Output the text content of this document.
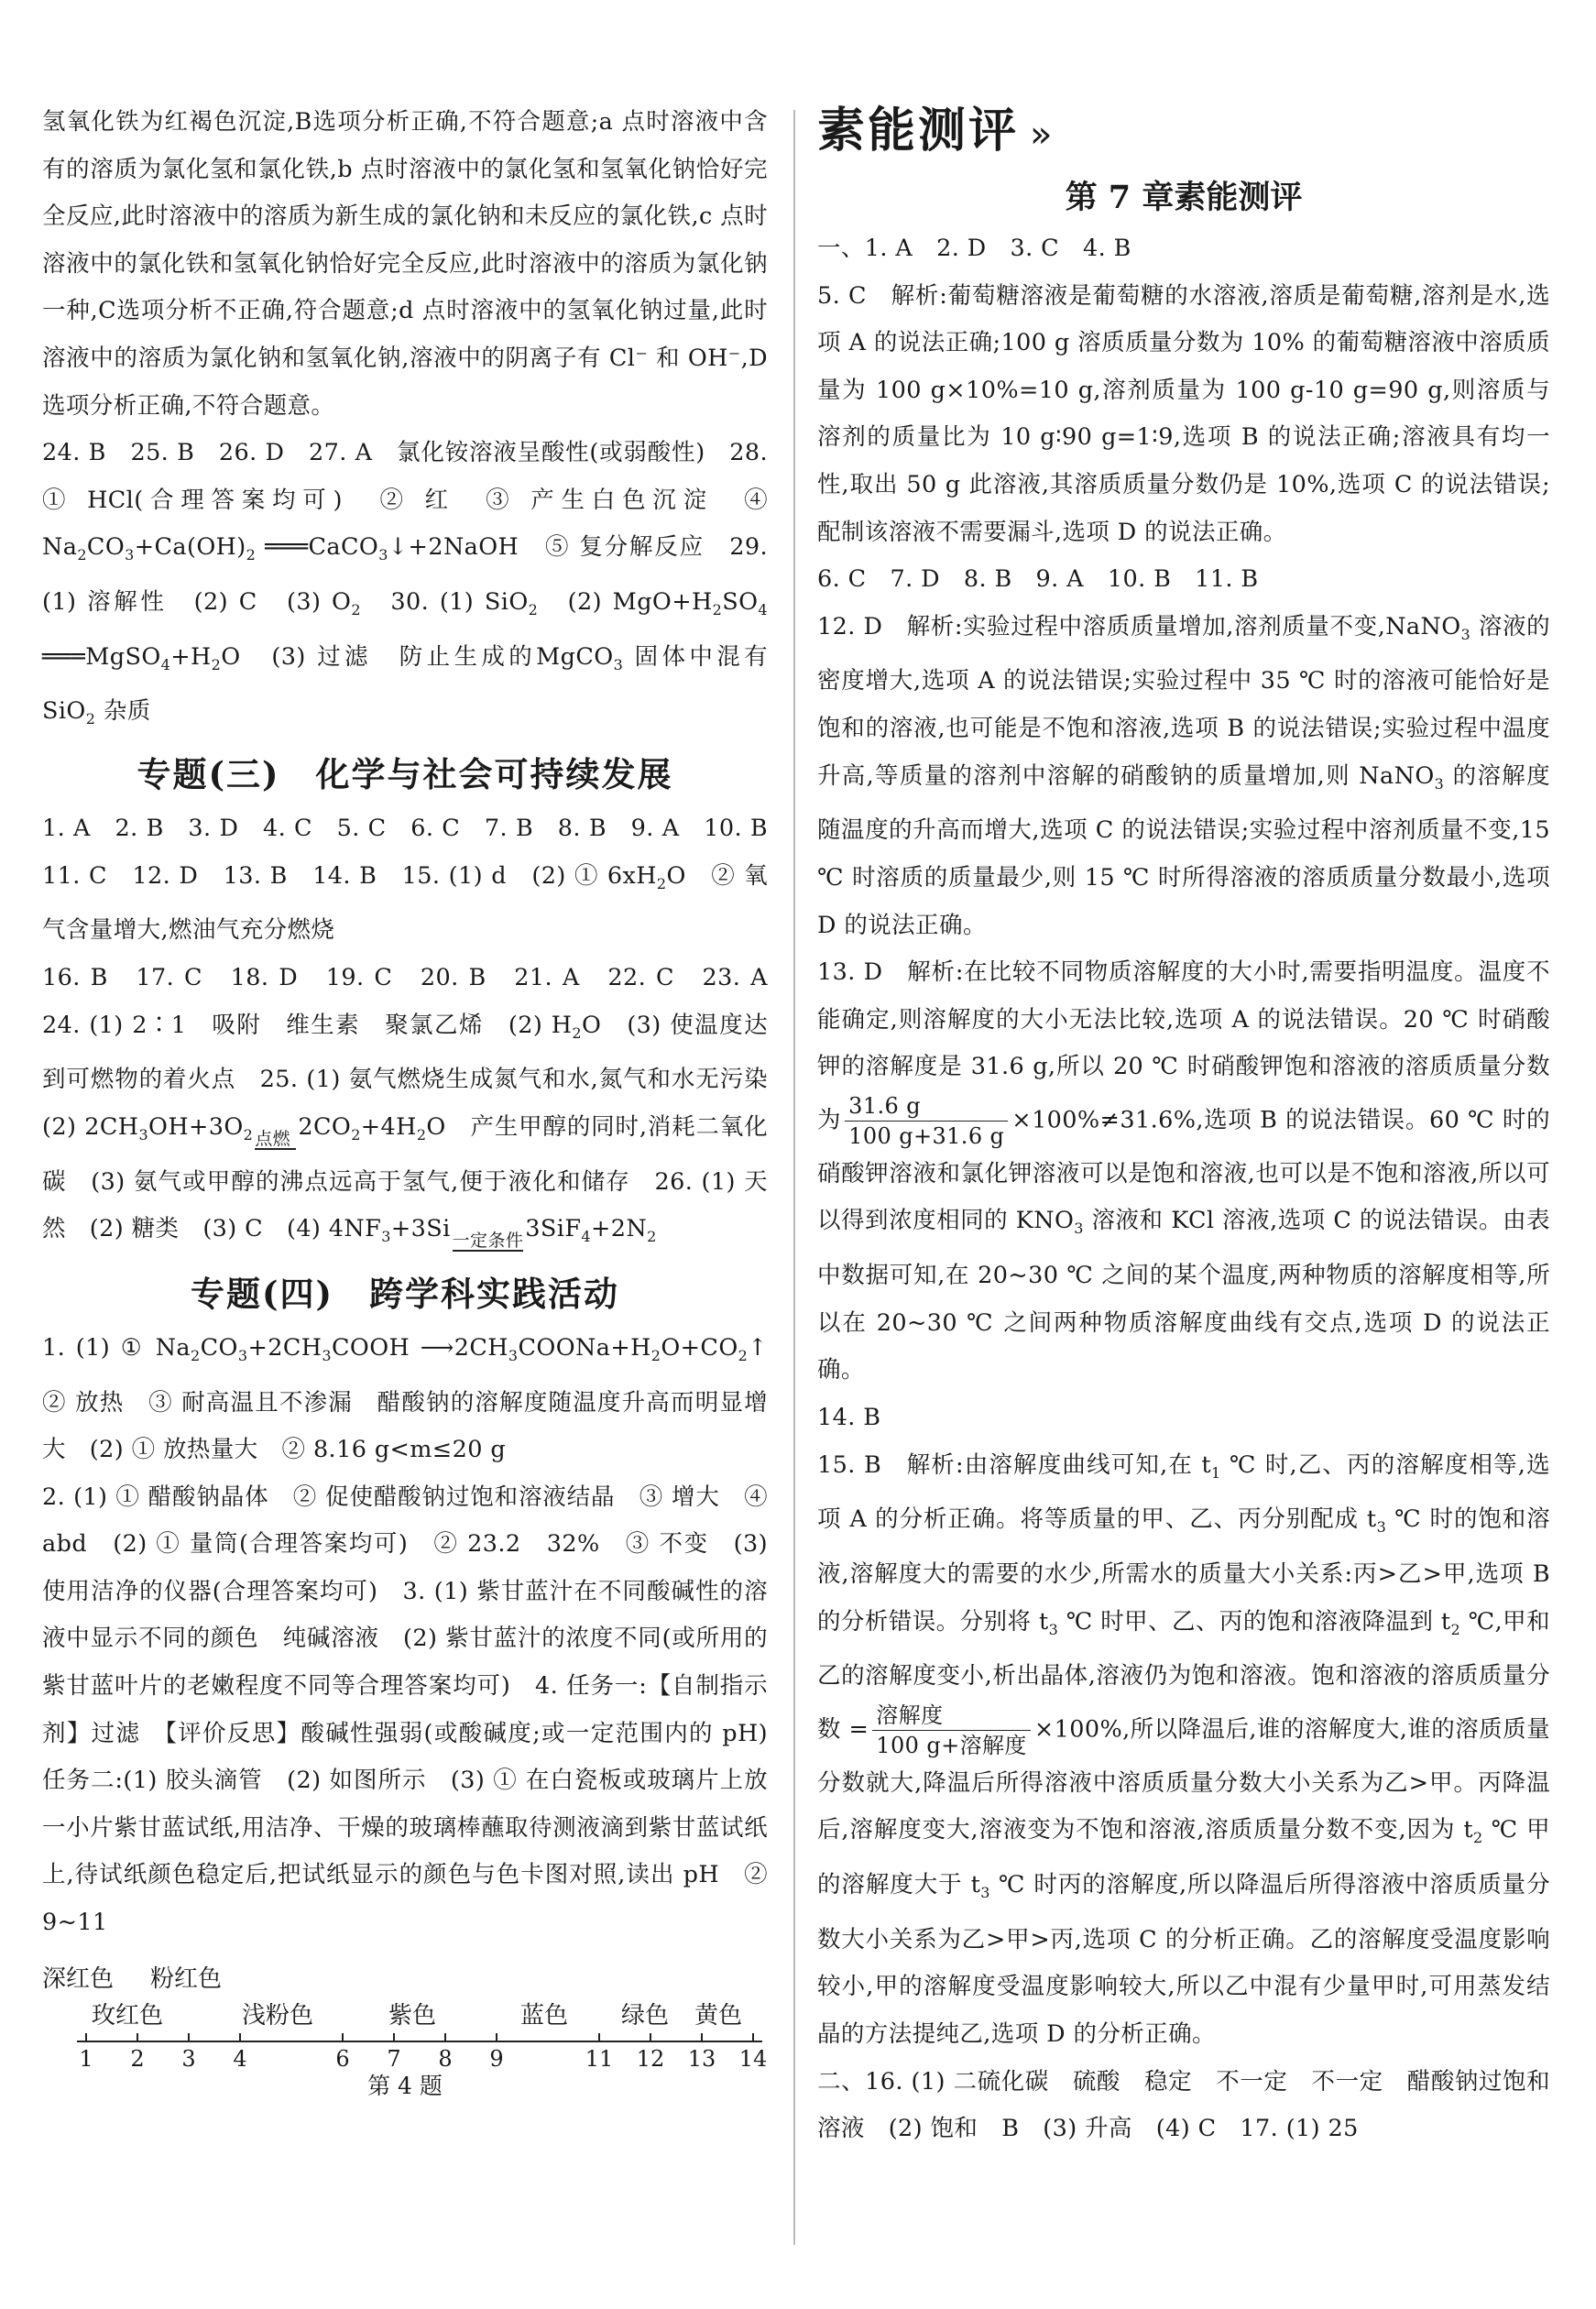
氢氧化铁为红褐色沉淀,B选项分析正确,不符合题意;a 点时溶液中含有的溶质为氯化氢和氯化铁,b 点时溶液中的氯化氢和氢氧化钠恰好完全反应,此时溶液中的溶质为新生成的氯化钠和未反应的氯化铁,c 点时溶液中的氯化铁和氢氧化钠恰好完全反应,此时溶液中的溶质为氯化钠一种,C选项分析不正确,符合题意;d 点时溶液中的氢氧化钠过量,此时溶液中的溶质为氯化钠和氢氧化钠,溶液中的阴离子有 Cl⁻ 和 OH⁻,D选项分析正确,不符合题意。

24. B　25. B　26. D　27. A　氯化铵溶液呈酸性(或弱酸性)　28. ① HCl(合理答案均可)　② 红　③ 产生白色沉淀　④ $Na_2CO_3+Ca(OH)_2$ ═══CaCO$_3$↓+2NaOH　⑤ 复分解反应　29. (1) 溶解性　(2) C　(3) $O_2$　30. (1) SiO$_2$　(2) $MgO+H_2SO_4$ $═══MgSO_4+H_2O$　(3) 过滤　防止生成的MgCO$_3$ 固体中混有 SiO$_2$ 杂质

专题(三)　化学与社会可持续发展

1. A　2. B　3. D　4. C　5. C　6. C　7. B　8. B　9. A　10. B　11. C　12. D　13. B　14. B　15. (1) d　(2) ① $6xH_2O$　② 氧气含量增大,燃油气充分燃烧

16. B　17. C　18. D　19. C　20. B　21. A　22. C　23. A　24. (1) 2∶1　吸附　维生素　聚氯乙烯　(2) $H_2O$　(3) 使温度达到可燃物的着火点　25. (1) 氨气燃烧生成氮气和水,氮气和水无污染　(2) $2CH_3OH+3O_2$ 点燃
$2CO_2+4H_2O$　产生甲醇的同时,消耗二氧化碳　(3) 氨气或甲醇的沸点远高于氢气,便于液化和储存　26. (1) 天然　(2) 糖类　(3) C　(4) $4NF_3+3Si$ 一定条件
$3SiF_4+2N_2$

专题(四)　跨学科实践活动

1. (1) ① $Na_2CO_3+2CH_3COOH$ $⟶2CH_3COONa+H_2O+CO_2↑$　② 放热　③ 耐高温且不渗漏　醋酸钠的溶解度随温度升高而明显增大　(2) ① 放热量大　② 8.16 g<m≤20 g

2. (1) ① 醋酸钠晶体　② 促使醋酸钠过饱和溶液结晶　③ 增大　④ abd　(2) ① 量筒(合理答案均可)　② 23.2　32%　③ 不变　(3) 使用洁净的仪器(合理答案均可)　3. (1) 紫甘蓝汁在不同酸碱性的溶液中显示不同的颜色　纯碱溶液　(2) 紫甘蓝汁的浓度不同(或所用的紫甘蓝叶片的老嫩程度不同等合理答案均可)　4. 任务一:【自制指示剂】过滤　【评价反思】酸碱性强弱(或酸碱度;或一定范围内的 pH)　任务二:(1) 胶头滴管　(2) 如图所示　(3) ① 在白瓷板或玻璃片上放一小片紫甘蓝试纸,用洁净、干燥的玻璃棒蘸取待测液滴到紫甘蓝试纸上,待试纸颜色稳定后,把试纸显示的颜色与色卡图对照,读出 pH　② 9~11

深红色 粉红色
玫红色	浅粉色	紫色	蓝色 绿色 黄色
1 2 3 4	6 7 8 9	11 12 13 14
第 4 题
素能测评 »
第 7 章素能测评

一、1. A　2. D　3. C　4. B

5. C　解析:葡萄糖溶液是葡萄糖的水溶液,溶质是葡萄糖,溶剂是水,选项 A 的说法正确;100 g 溶质质量分数为 10% 的葡萄糖溶液中溶质质量为 100 g×10%=10 g,溶剂质量为 100 g-10 g=90 g,则溶质与溶剂的质量比为 10 g∶90 g=1∶9,选项 B 的说法正确;溶液具有均一性,取出 50 g 此溶液,其溶质质量分数仍是 10%,选项 C 的说法错误;配制该溶液不需要漏斗,选项 D 的说法正确。

6. C　7. D　8. B　9. A　10. B　11. B

12. D　解析:实验过程中溶质质量增加,溶剂质量不变,NaNO$_3$ 溶液的密度增大,选项 A 的说法错误;实验过程中 35 ℃ 时的溶液可能恰好是饱和的溶液,也可能是不饱和溶液,选项 B 的说法错误;实验过程中温度升高,等质量的溶剂中溶解的硝酸钠的质量增加,则 NaNO$_3$ 的溶解度随温度的升高而增大,选项 C 的说法错误;实验过程中溶剂质量不变,15 ℃ 时溶质的质量最少,则 15 ℃ 时所得溶液的溶质质量分数最小,选项 D 的说法正确。

13. D　解析:在比较不同物质溶解度的大小时,需要指明温度。温度不能确定,则溶解度的大小无法比较,选项 A 的说法错误。20 ℃ 时硝酸钾的溶解度是 31.6 g,所以 20 ℃ 时硝酸钾饱和溶液的溶质质量分数为 $\frac{31.6 g}{100 g+31.6 g} \times 100\%\ne 31.6\%$,选项 B 的说法错误。60 ℃ 时的硝酸钾溶液和氯化钾溶液可以是饱和溶液,也可以是不饱和溶液,所以可以得到浓度相同的 $KNO_3$ 溶液和 KCl 溶液,选项 C 的说法错误。由表中数据可知,在 20~30 ℃ 之间的某个温度,两种物质的溶解度相等,所以在 20~30 ℃ 之间两种物质溶解度曲线有交点,选项 D 的说法正确。

14. B

15. B　解析:由溶解度曲线可知,在 $t_1$ ℃ 时,乙、丙的溶解度相等,选项 A 的分析正确。将等质量的甲、乙、丙分别配成 $t_3$ ℃ 时的饱和溶液,溶解度大的需要的水少,所需水的质量大小关系:丙>乙>甲,选项 B 的分析错误。分别将 $t_3$ ℃ 时甲、乙、丙的饱和溶液降温到 $t_2$ ℃,甲和乙的溶解度变小,析出晶体,溶液仍为饱和溶液。饱和溶液的溶质质量分数 = $\frac{\text{溶解度}}{\text{100 g+溶解度}} \times 100\%$,所以降温后,谁的溶解度大,谁的溶质质量分数就大,降温后所得溶液中溶质质量分数大小关系为乙>甲。丙降温后,溶解度变大,溶液变为不饱和溶液,溶质质量分数不变,因为 $t_2$ ℃ 甲的溶解度大于 $t_3$ ℃ 时丙的溶解度,所以降温后所得溶液中溶质质量分数大小关系为乙>甲>丙,选项 C 的分析正确。乙的溶解度受温度影响较小,甲的溶解度受温度影响较大,所以乙中混有少量甲时,可用蒸发结晶的方法提纯乙,选项 D 的分析正确。

二、16. (1) 二硫化碳　硫酸　稳定　不一定　不一定　醋酸钠过饱和溶液　(2) 饱和　B　(3) 升高　(4) C　17. (1) 25
